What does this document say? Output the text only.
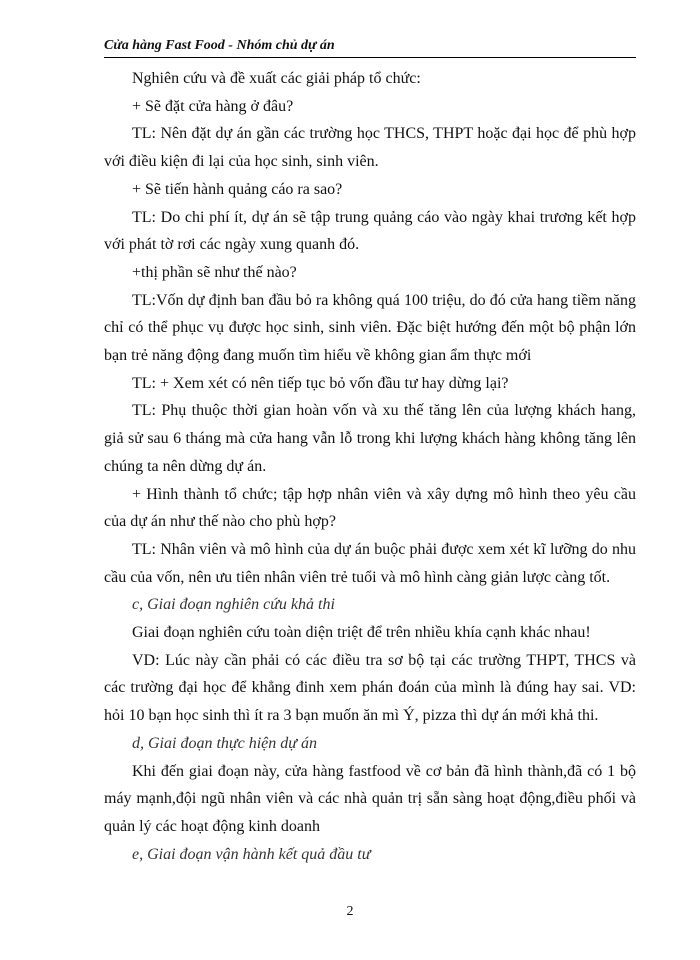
Cửa hàng Fast Food - Nhóm chủ dự án

Nghiên cứu và đề xuất các giải pháp tổ chức:

+ Sẽ đặt cửa hàng ở đâu?

TL: Nên đặt dự án gần các trường học THCS, THPT hoặc đại học để phù hợp với điều kiện đi lại của học sinh, sinh viên.

+ Sẽ tiến hành quảng cáo ra sao?

TL: Do chi phí ít, dự án sẽ tập trung quảng cáo vào ngày khai trương kết hợp với phát tờ rơi các ngày xung quanh đó.

+thị phần sẽ như thế nào?

TL:Vốn dự định ban đầu bỏ ra không quá 100 triệu, do đó cửa hang tiềm năng chỉ có thể phục vụ được học sinh, sinh viên. Đặc biệt hướng đến một bộ phận lớn bạn trẻ năng động đang muốn tìm hiểu về không gian ẩm thực mới

TL: + Xem xét có nên tiếp tục bỏ vốn đầu tư hay dừng lại?

TL: Phụ thuộc thời gian hoàn vốn và xu thế tăng lên của lượng khách hang, giả sử sau 6 tháng mà cửa hang vẫn lỗ trong khi lượng khách hàng không tăng lên chúng ta nên dừng dự án.

+ Hình thành tổ chức; tập hợp nhân viên và xây dựng mô hình theo yêu cầu của dự án như thế nào cho phù hợp?

TL: Nhân viên và mô hình của dự án buộc phải được xem xét kĩ lưỡng do nhu cầu của vốn, nên ưu tiên nhân viên trẻ tuổi và mô hình càng giản lược càng tốt.

c, Giai đoạn nghiên cứu khả thi

Giai đoạn nghiên cứu toàn diện triệt để trên nhiều khía cạnh khác nhau!

VD: Lúc này cần phải có các điều tra sơ bộ tại các trường THPT, THCS và các trường đại học để khẳng đinh xem phán đoán của mình là đúng hay sai. VD: hỏi 10 bạn học sinh thì ít ra 3 bạn muốn ăn mì Ý, pizza thì dự án mới khả thi.

d, Giai đoạn thực hiện dự án

Khi đến giai đoạn này, cửa hàng fastfood về cơ bản đã hình thành,đã có 1 bộ máy mạnh,đội ngũ nhân viên và các nhà quản trị sẵn sàng hoạt động,điều phối và quản lý các hoạt động kinh doanh

e, Giai đoạn vận hành kết quả đầu tư

2
